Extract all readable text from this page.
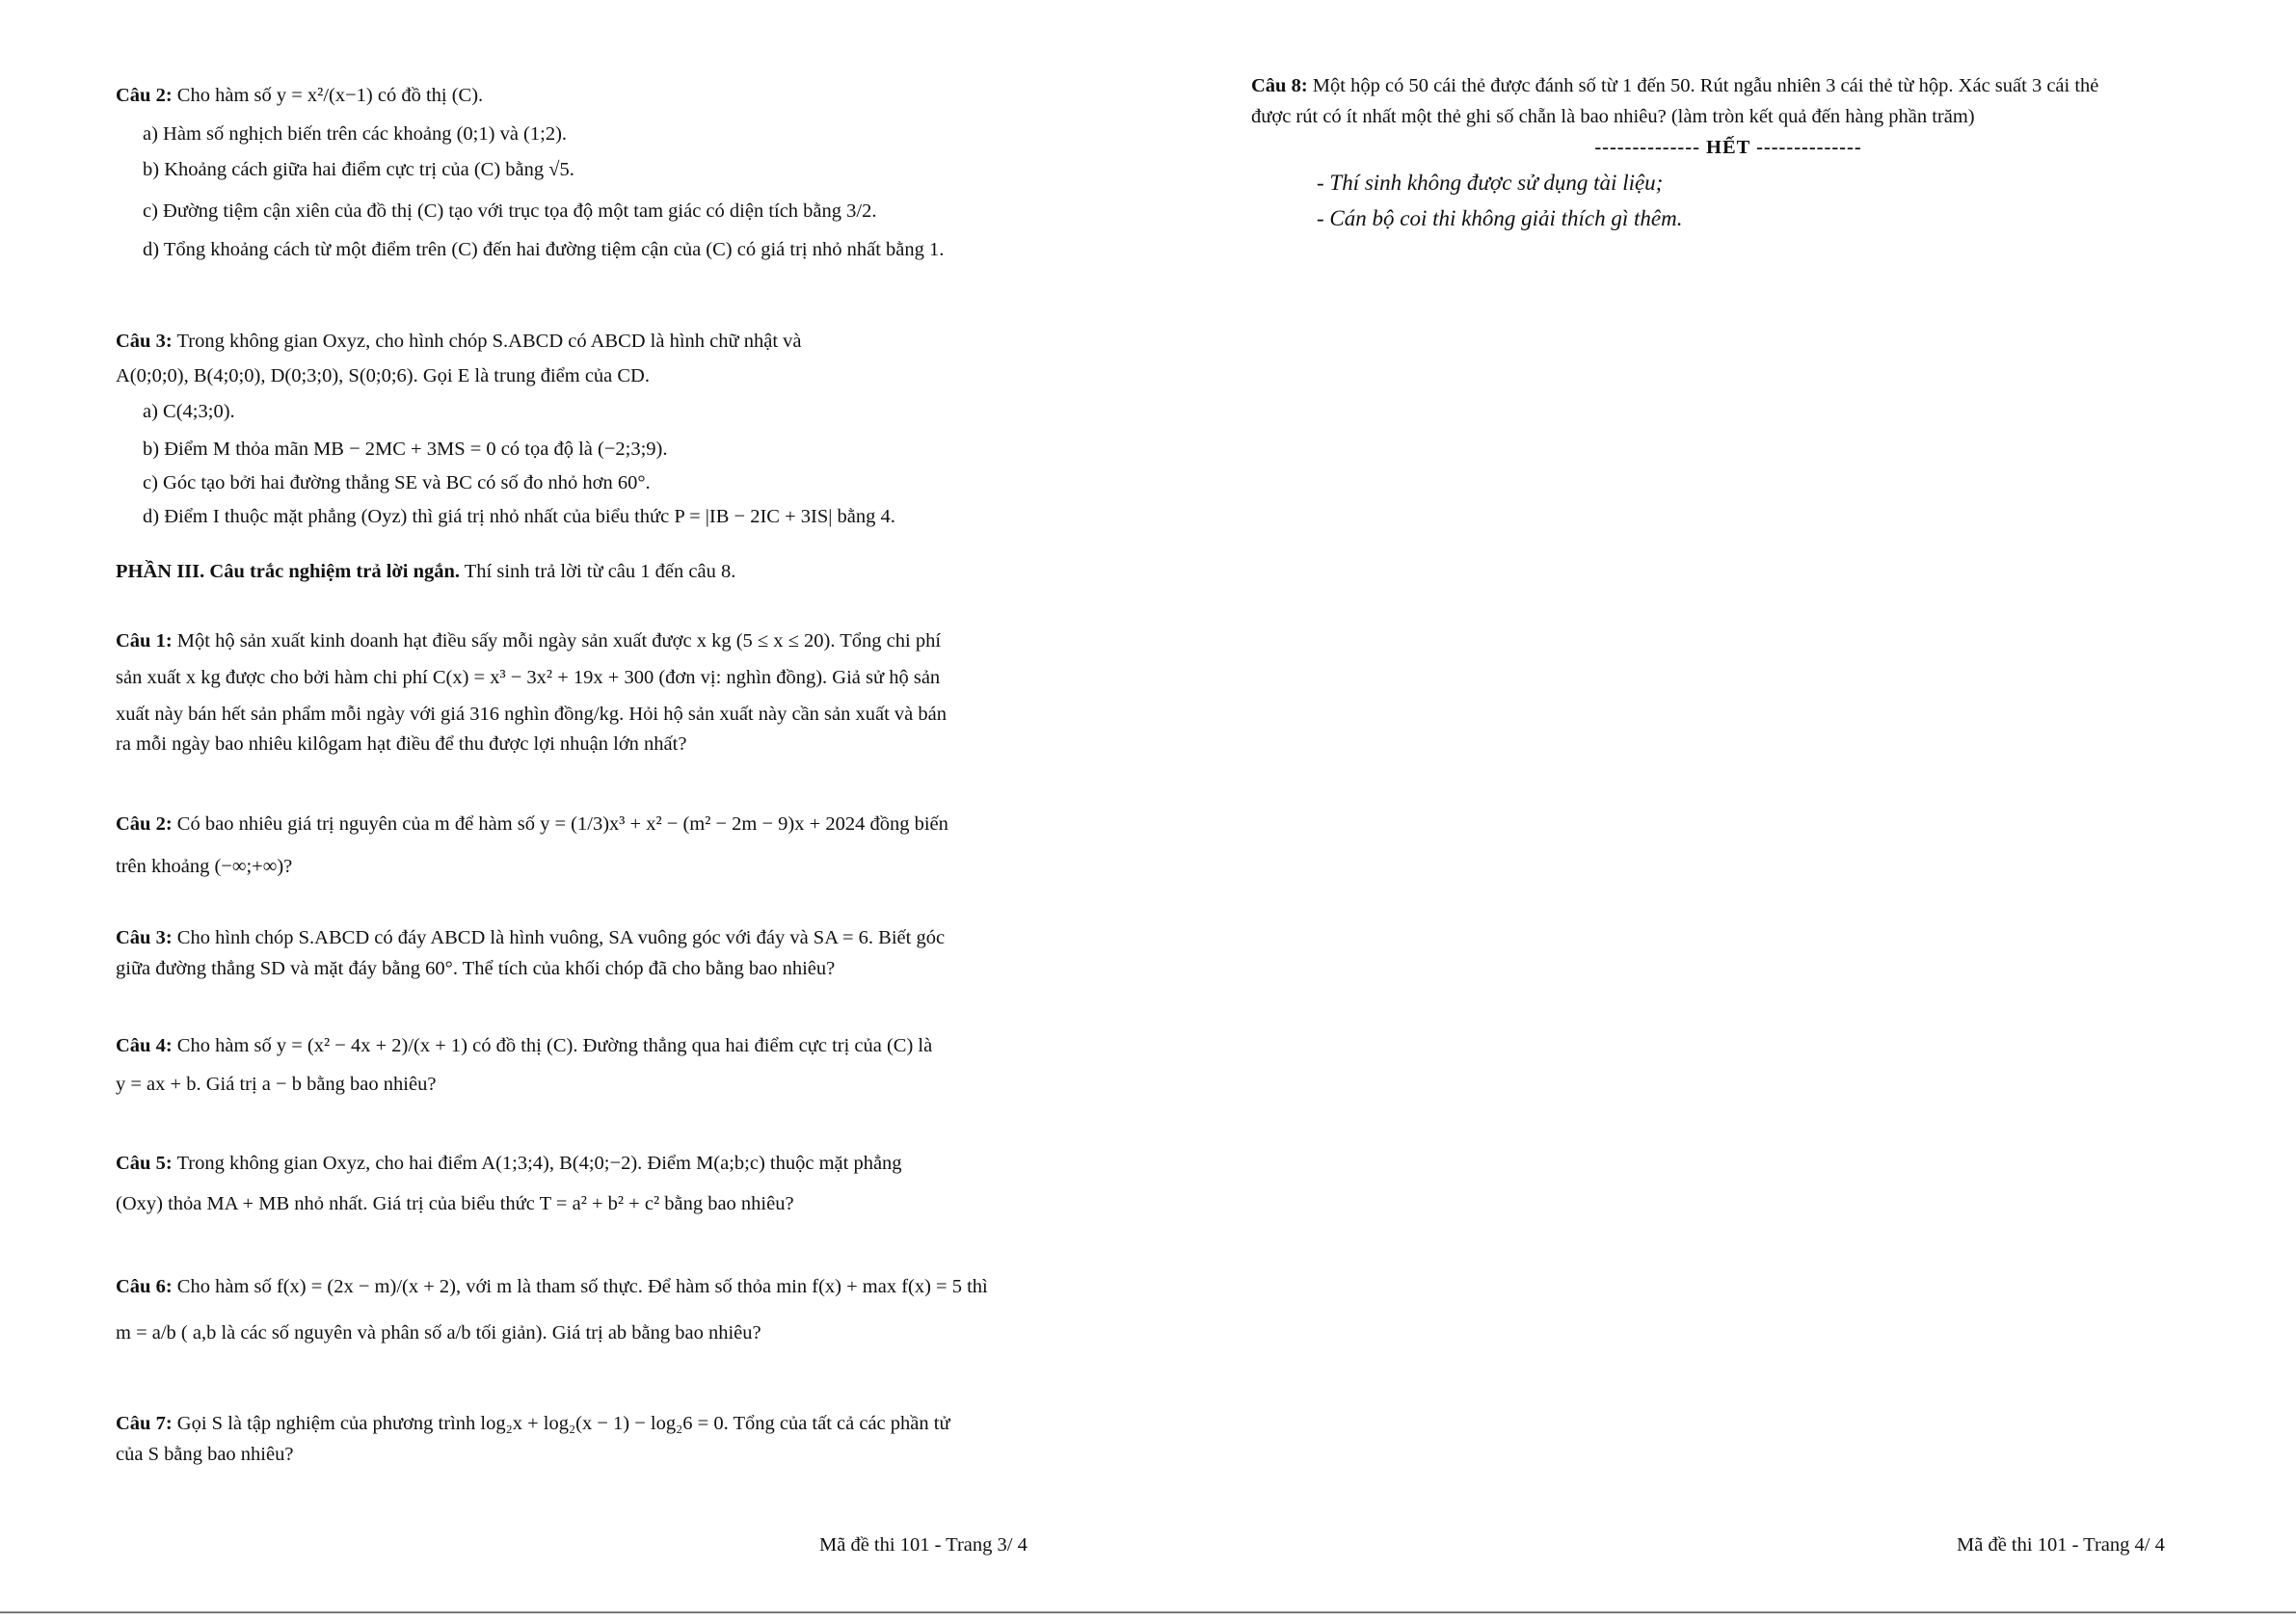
Câu 2: Cho hàm số y = x²/(x−1) có đồ thị (C).

a) Hàm số nghịch biến trên các khoảng (0;1) và (1;2).

b) Khoảng cách giữa hai điểm cực trị của (C) bằng √5.

c) Đường tiệm cận xiên của đồ thị (C) tạo với trục tọa độ một tam giác có diện tích bằng 3/2.

d) Tổng khoảng cách từ một điểm trên (C) đến hai đường tiệm cận của (C) có giá trị nhỏ nhất bằng 1.

Câu 3: Trong không gian Oxyz, cho hình chóp S.ABCD có ABCD là hình chữ nhật và

A(0;0;0), B(4;0;0), D(0;3;0), S(0;0;6). Gọi E là trung điểm của CD.

a) C(4;3;0).

b) Điểm M thỏa mãn MB − 2MC + 3MS = 0 có tọa độ là (−2;3;9).

c) Góc tạo bởi hai đường thẳng SE và BC có số đo nhỏ hơn 60°.

d) Điểm I thuộc mặt phẳng (Oyz) thì giá trị nhỏ nhất của biểu thức P = |IB − 2IC + 3IS| bằng 4.

PHẦN III. Câu trắc nghiệm trả lời ngắn. Thí sinh trả lời từ câu 1 đến câu 8.

Câu 1: Một hộ sản xuất kinh doanh hạt điều sấy mỗi ngày sản xuất được x kg (5 ≤ x ≤ 20). Tổng chi phí

sản xuất x kg được cho bởi hàm chi phí C(x) = x³ − 3x² + 19x + 300 (đơn vị: nghìn đồng). Giả sử hộ sản

xuất này bán hết sản phẩm mỗi ngày với giá 316 nghìn đồng/kg. Hỏi hộ sản xuất này cần sản xuất và bán

ra mỗi ngày bao nhiêu kilôgam hạt điều để thu được lợi nhuận lớn nhất?

Câu 2: Có bao nhiêu giá trị nguyên của m để hàm số y = (1/3)x³ + x² − (m² − 2m − 9)x + 2024 đồng biến

trên khoảng (−∞;+∞)?

Câu 3: Cho hình chóp S.ABCD có đáy ABCD là hình vuông, SA vuông góc với đáy và SA = 6. Biết góc

giữa đường thẳng SD và mặt đáy bằng 60°. Thể tích của khối chóp đã cho bằng bao nhiêu?

Câu 4: Cho hàm số y = (x² − 4x + 2)/(x + 1) có đồ thị (C). Đường thẳng qua hai điểm cực trị của (C) là

y = ax + b. Giá trị a − b bằng bao nhiêu?

Câu 5: Trong không gian Oxyz, cho hai điểm A(1;3;4), B(4;0;−2). Điểm M(a;b;c) thuộc mặt phẳng

(Oxy) thỏa MA + MB nhỏ nhất. Giá trị của biểu thức T = a² + b² + c² bằng bao nhiêu?

Câu 6: Cho hàm số f(x) = (2x − m)/(x + 2), với m là tham số thực. Để hàm số thỏa min f(x) + max f(x) = 5 thì

m = a/b ( a,b là các số nguyên và phân số a/b tối giản). Giá trị ab bằng bao nhiêu?

Câu 7: Gọi S là tập nghiệm của phương trình log₂x + log₂(x − 1) − log₂6 = 0. Tổng của tất cả các phần tử

của S bằng bao nhiêu?

Mã đề thi 101 - Trang 3/ 4

Câu 8: Một hộp có 50 cái thẻ được đánh số từ 1 đến 50. Rút ngẫu nhiên 3 cái thẻ từ hộp. Xác suất 3 cái thẻ

được rút có ít nhất một thẻ ghi số chẵn là bao nhiêu? (làm tròn kết quả đến hàng phần trăm)

-------------- HẾT --------------

- Thí sinh không được sử dụng tài liệu;

- Cán bộ coi thi không giải thích gì thêm.

Mã đề thi 101 - Trang 4/ 4
